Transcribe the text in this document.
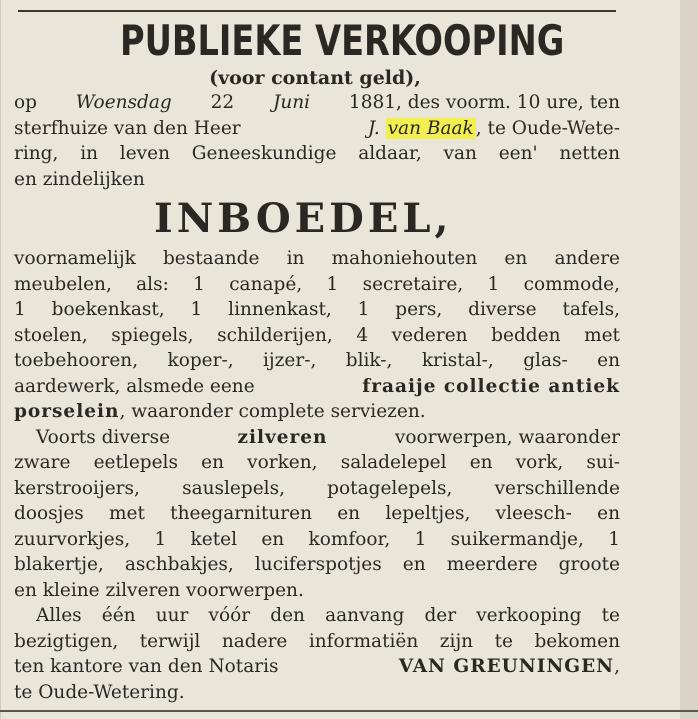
PUBLIEKE VERKOOPING
(voor contant geld),
op Woensdag 22 Juni 1881, des voorm. 10 ure, ten
sterfhuize van den Heer	J. van Baak , te Oude-Wete-
ring, in leven Geneeskundige aldaar, van een' netten
en zindelijken
INBOEDEL,
voornamelijk bestaande in mahoniehouten en andere
meubelen, als: 1 canapé, 1 secretaire, 1 commode,
1 boekenkast, 1 linnenkast, 1 pers, diverse tafels,
stoelen, spiegels, schilderijen, 4 vederen bedden met
toebehooren, koper-, ijzer-, blik-, kristal-, glas- en
aardewerk, alsmede eene	fraaije collectie antiek
porselein, waaronder complete serviezen.
Voorts diverse	zilveren	voorwerpen, waaronder
zware eetlepels en vorken, saladelepel en vork, sui-
kerstrooijers, sauslepels, potagelepels, verschillende
doosjes met theegarnituren en lepeltjes, vleesch- en
zuurvorkjes, 1 ketel en komfoor, 1 suikermandje, 1
blakertje, aschbakjes, luciferspotjes en meerdere groote
en kleine zilveren voorwerpen.
Alles één uur vóór den aanvang der verkooping te
bezigtigen, terwijl nadere informatiën zijn te bekomen
ten kantore van den Notaris	VAN GREUNINGEN,
te Oude-Wetering.
